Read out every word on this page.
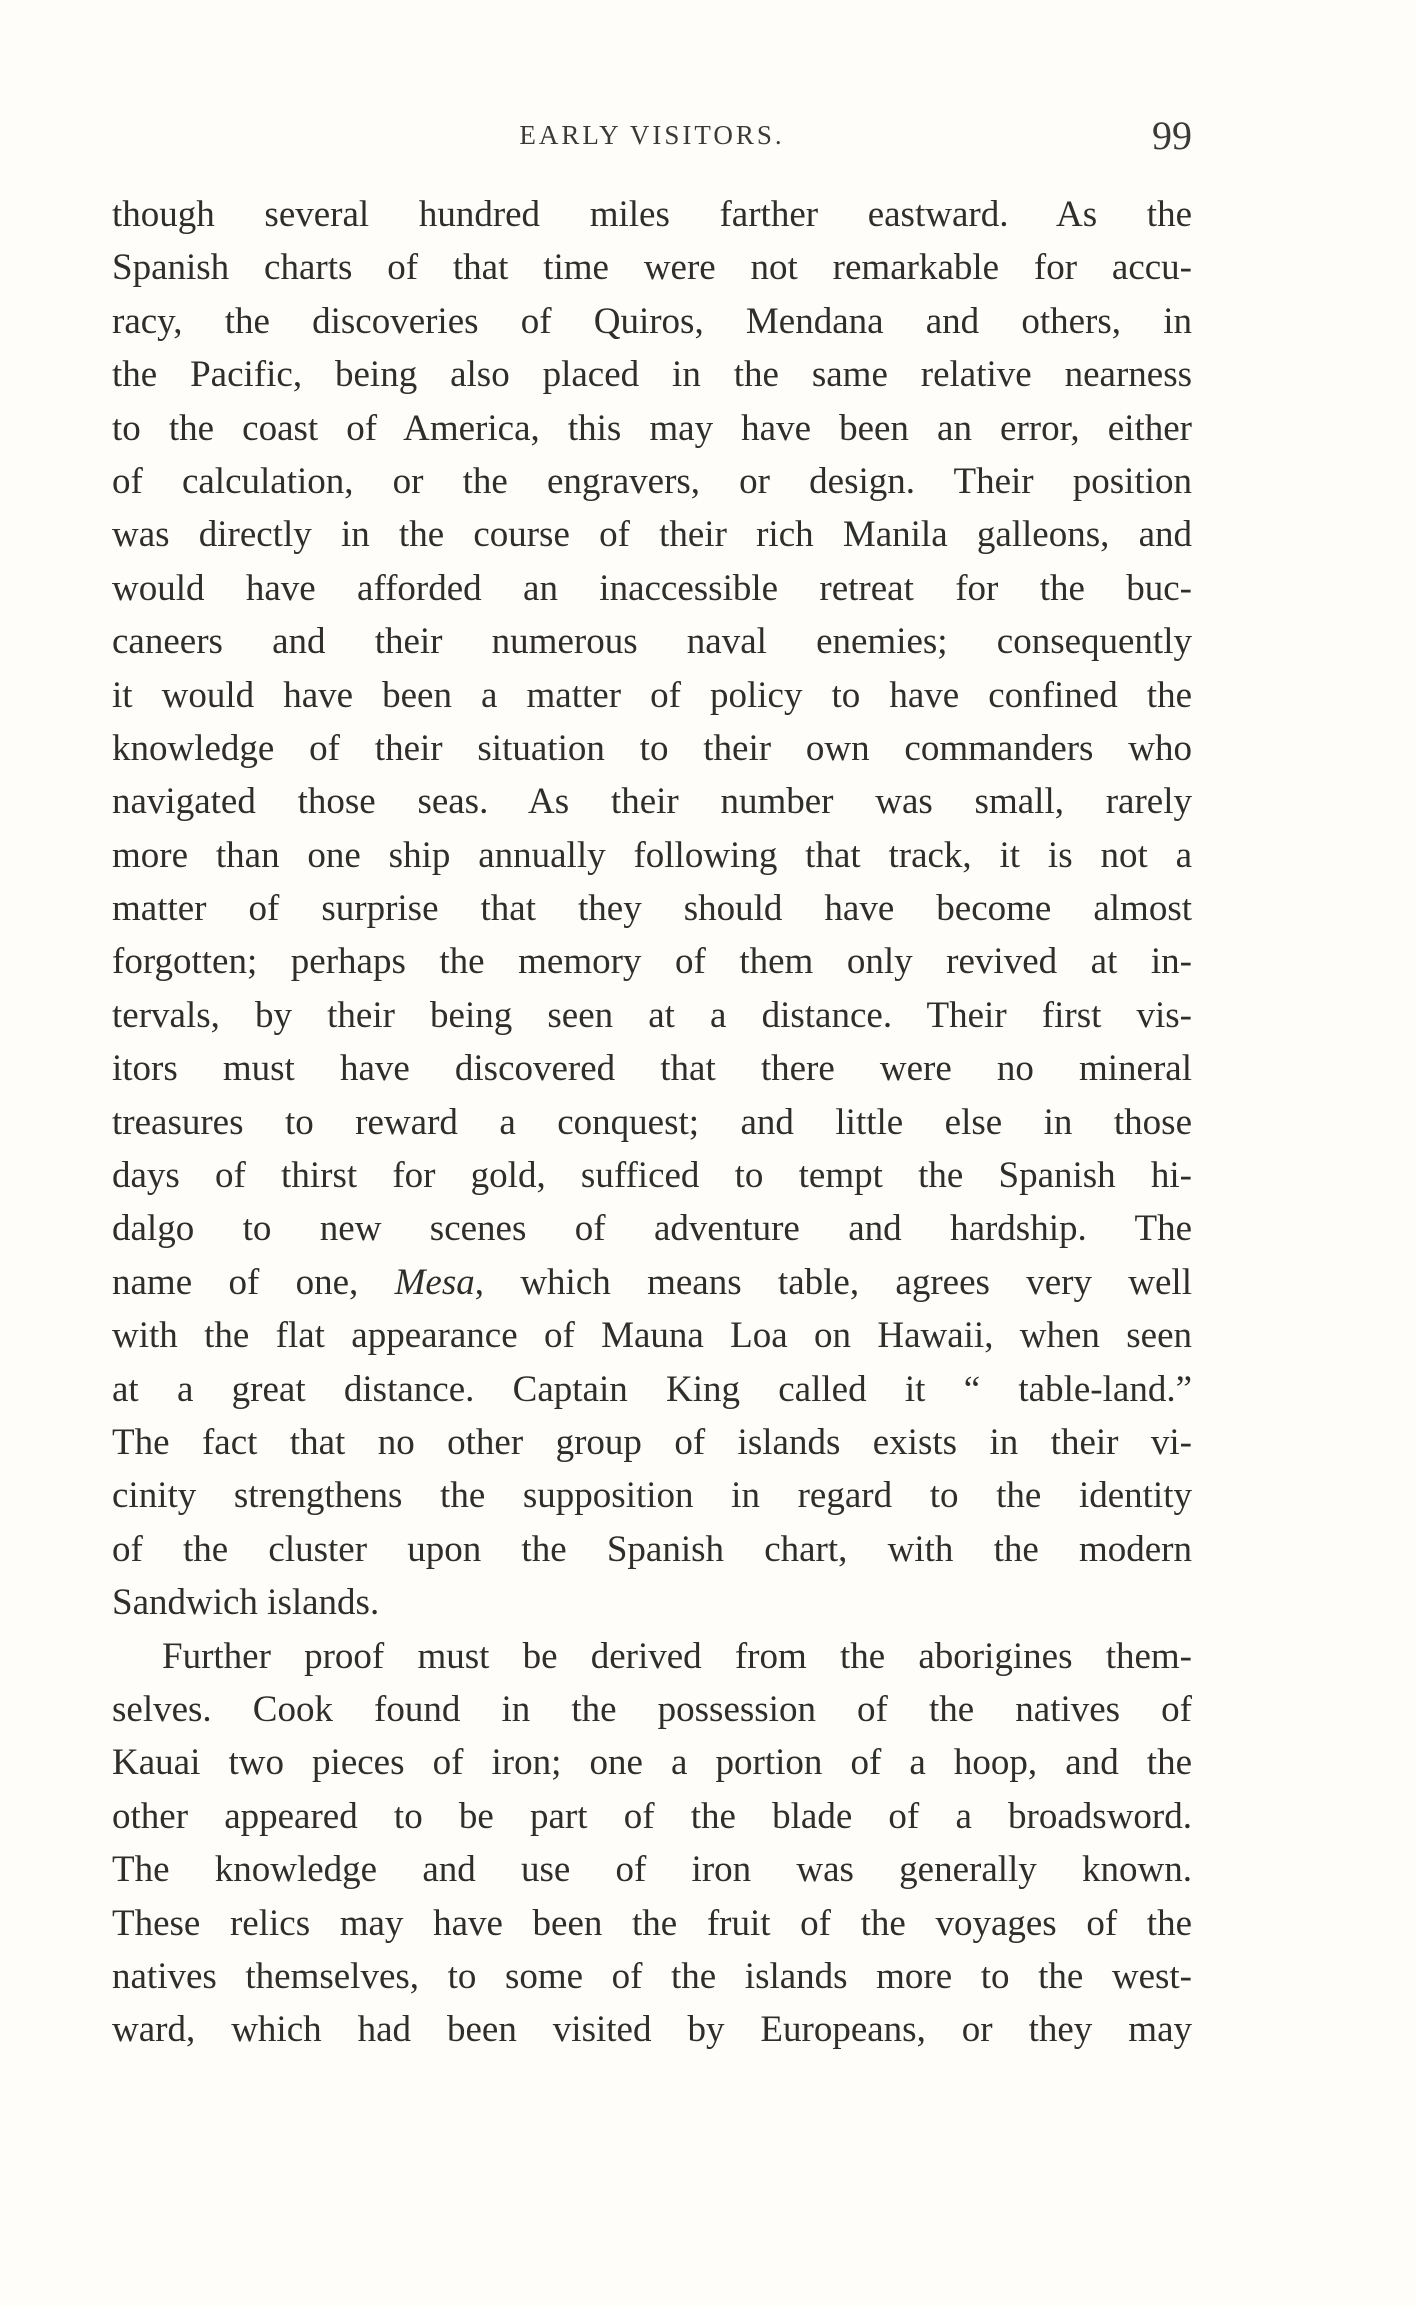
EARLY VISITORS.	99
though several hundred miles farther eastward. As the
Spanish charts of that time were not remarkable for accu-
racy, the discoveries of Quiros, Mendana and others, in
the Pacific, being also placed in the same relative nearness
to the coast of America, this may have been an error, either
of calculation, or the engravers, or design. Their position
was directly in the course of their rich Manila galleons, and
would have afforded an inaccessible retreat for the buc-
caneers and their numerous naval enemies; consequently
it would have been a matter of policy to have confined the
knowledge of their situation to their own commanders who
navigated those seas. As their number was small, rarely
more than one ship annually following that track, it is not a
matter of surprise that they should have become almost
forgotten; perhaps the memory of them only revived at in-
tervals, by their being seen at a distance. Their first vis-
itors must have discovered that there were no mineral
treasures to reward a conquest; and little else in those
days of thirst for gold, sufficed to tempt the Spanish hi-
dalgo to new scenes of adventure and hardship. The
name of one, Mesa, which means table, agrees very well
with the flat appearance of Mauna Loa on Hawaii, when seen
at a great distance. Captain King called it “ table-land.”
The fact that no other group of islands exists in their vi-
cinity strengthens the supposition in regard to the identity
of the cluster upon the Spanish chart, with the modern
Sandwich islands.
Further proof must be derived from the aborigines them-
selves. Cook found in the possession of the natives of
Kauai two pieces of iron; one a portion of a hoop, and the
other appeared to be part of the blade of a broadsword.
The knowledge and use of iron was generally known.
These relics may have been the fruit of the voyages of the
natives themselves, to some of the islands more to the west-
ward, which had been visited by Europeans, or they may
